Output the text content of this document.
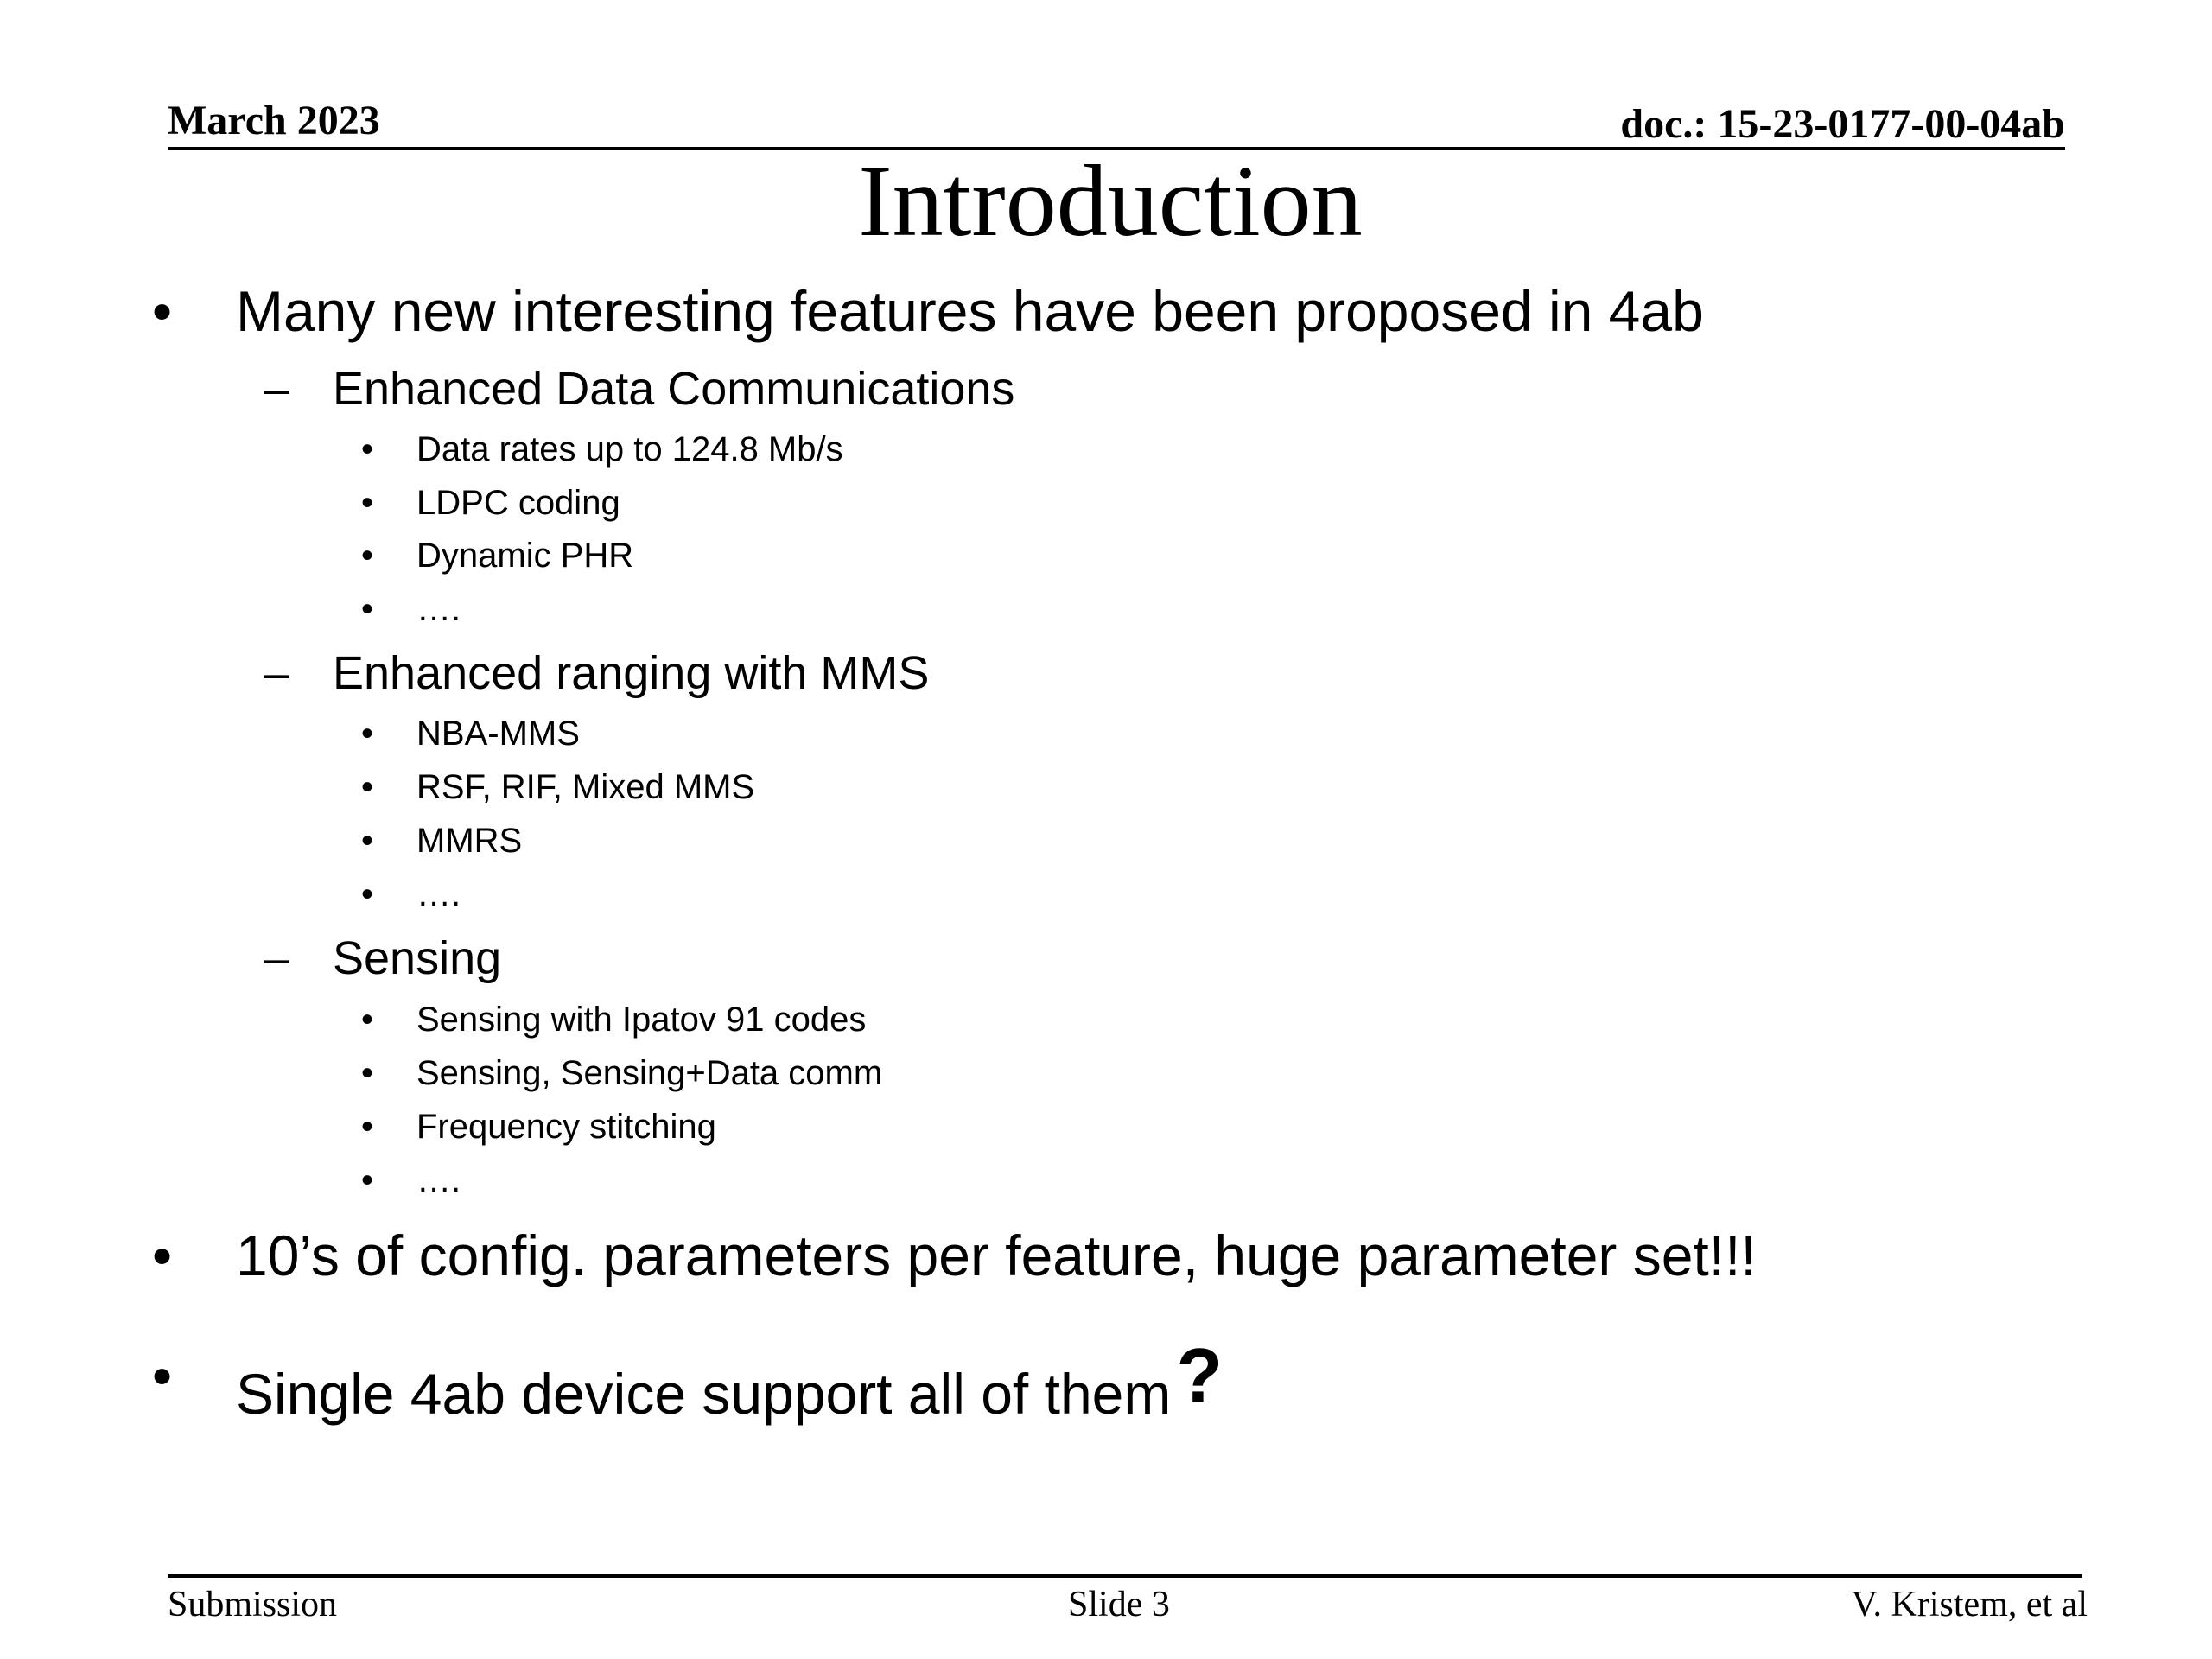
March 2023	doc.: 15-23-0177-00-04ab
Introduction
• Many new interesting features have been proposed in 4ab
– Enhanced Data Communications
• Data rates up to 124.8 Mb/s
• LDPC coding
• Dynamic PHR
• ….
– Enhanced ranging with MMS
• NBA-MMS
• RSF, RIF, Mixed MMS
• MMRS
• ….
– Sensing
• Sensing with Ipatov 91 codes
• Sensing, Sensing+Data comm
• Frequency stitching
• ….
• 10’s of config. parameters per feature, huge parameter set!!!
• Single 4ab device support all of them?
Submission	Slide 3	V. Kristem, et al
